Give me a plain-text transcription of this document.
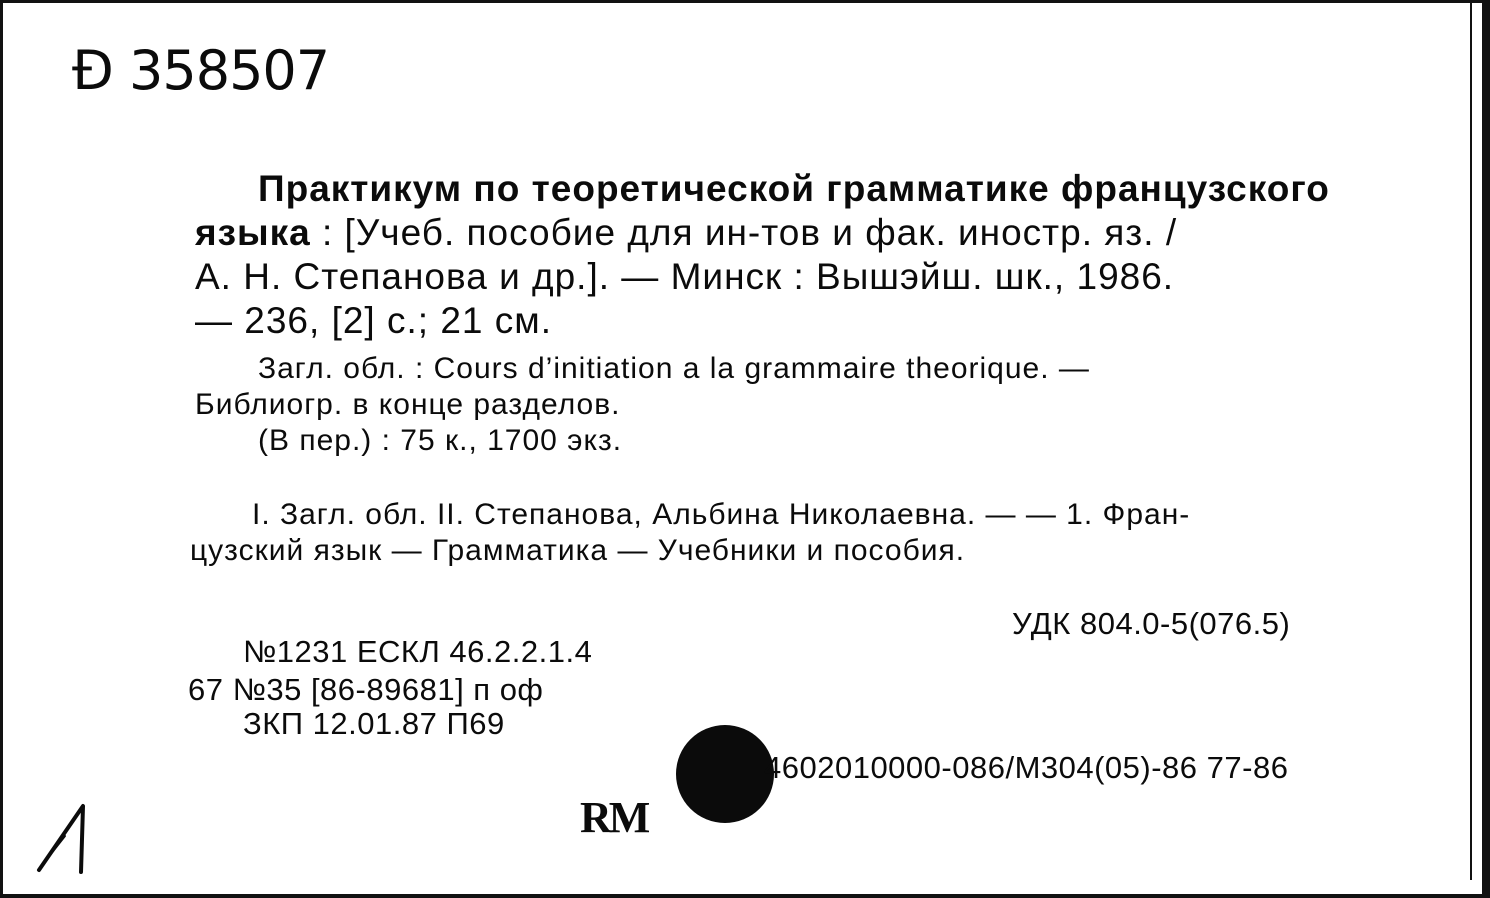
Ð 358507
Практикум по теоретической грамматике французского
языка : [Учеб. пособие для ин-тов и фак. иностр. яз. /
А. Н. Степанова и др.]. — Минск : Вышэйш. шк., 1986.
— 236, [2] с.; 21 см.
Загл. обл. : Cours d’initiation a la grammaire theorique. —
Библиогр. в конце разделов.
(В пер.) : 75 к., 1700 экз.
I. Загл. обл. II. Степанова, Альбина Николаевна. — — 1. Фран-
цузский язык — Грамматика — Учебники и пособия.
УДК 804.0-5(076.5)
№1231 ЕСКЛ 46.2.2.1.4
67 №35 [86-89681] п оф
ЗКП 12.01.87 П69
4602010000-086/М304(05)-86 77-86
RM
